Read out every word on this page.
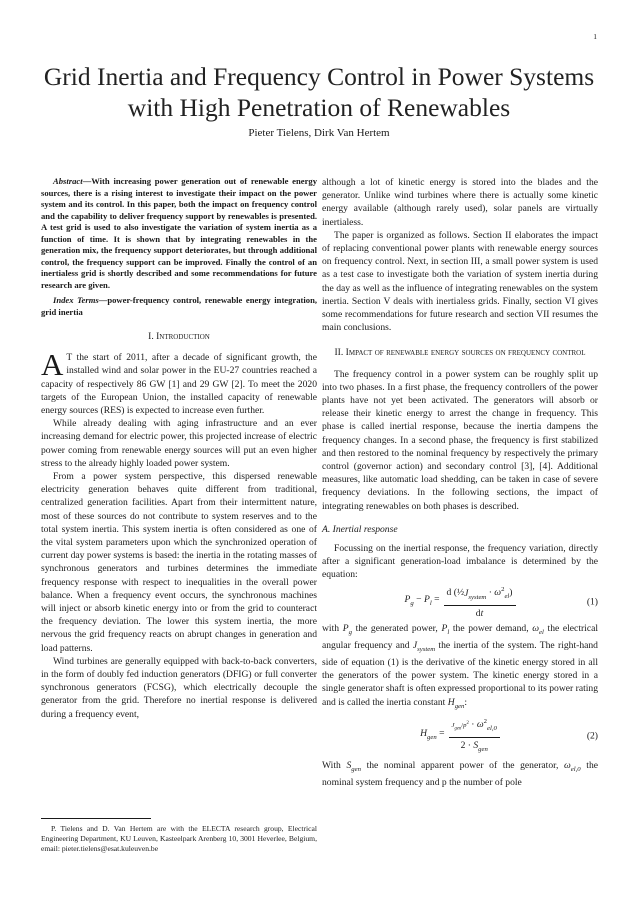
1
Grid Inertia and Frequency Control in Power Systems with High Penetration of Renewables
Pieter Tielens, Dirk Van Hertem

Abstract—With increasing power generation out of renewable energy sources, there is a rising interest to investigate their impact on the power system and its control. In this paper, both the impact on frequency control and the capability to deliver frequency support by renewables is presented. A test grid is used to also investigate the variation of system inertia as a function of time. It is shown that by integrating renewables in the generation mix, the frequency support deteriorates, but through additional control, the frequency support can be improved. Finally the control of an inertialess grid is shortly described and some recommendations for future research are given.

Index Terms—power-frequency control, renewable energy integration, grid inertia

I. Introduction

A T the start of 2011, after a decade of significant growth, the installed wind and solar power in the EU-27 countries reached a capacity of respectively 86 GW [1] and 29 GW [2]. To meet the 2020 targets of the European Union, the installed capacity of renewable energy sources (RES) is expected to increase even further.

While already dealing with aging infrastructure and an ever increasing demand for electric power, this projected increase of electric power coming from renewable energy sources will put an even higher stress to the already highly loaded power system.

From a power system perspective, this dispersed renewable electricity generation behaves quite different from traditional, centralized generation facilities. Apart from their intermittent nature, most of these sources do not contribute to system reserves and to the total system inertia. This system inertia is often considered as one of the vital system parameters upon which the synchronized operation of current day power systems is based: the inertia in the rotating masses of synchronous generators and turbines determines the immediate frequency response with respect to inequalities in the overall power balance. When a frequency event occurs, the synchronous machines will inject or absorb kinetic energy into or from the grid to counteract the frequency deviation. The lower this system inertia, the more nervous the grid frequency reacts on abrupt changes in generation and load patterns.

Wind turbines are generally equipped with back-to-back converters, in the form of doubly fed induction generators (DFIG) or full converter synchronous generators (FCSG), which electrically decouple the generator from the grid. Therefore no inertial response is delivered during a frequency event,

P. Tielens and D. Van Hertem are with the ELECTA research group, Electrical Engineering Department, KU Leuven, Kasteelpark Arenberg 10, 3001 Heverlee, Belgium, email: pieter.tielens@esat.kuleuven.be

although a lot of kinetic energy is stored into the blades and the generator. Unlike wind turbines where there is actually some kinetic energy available (although rarely used), solar panels are virtually inertialess.

The paper is organized as follows. Section II elaborates the impact of replacing conventional power plants with renewable energy sources on frequency control. Next, in section III, a small power system is used as a test case to investigate both the variation of system inertia during the day as well as the influence of integrating renewables on the system inertia. Section V deals with inertialess grids. Finally, section VI gives some recommendations for future research and section VII resumes the main conclusions.

II. Impact of renewable energy sources on frequency control

The frequency control in a power system can be roughly split up into two phases. In a first phase, the frequency controllers of the power plants have not yet been activated. The generators will absorb or release their kinetic energy to arrest the change in frequency. This phase is called inertial response, because the inertia dampens the frequency changes. In a second phase, the frequency is first stabilized and then restored to the nominal frequency by respectively the primary control (governor action) and secondary control [3], [4]. Additional measures, like automatic load shedding, can be taken in case of severe frequency deviations. In the following sections, the impact of integrating renewables on both phases is described.

A. Inertial response

Focussing on the inertial response, the frequency variation, directly after a significant generation-load imbalance is determined by the equation:

$P_g - P_l = \frac{d (\frac{1}{2}J_{system} \cdot \omega^2_{el})}{dt}$	(1)

with $P_g$ the generated power, $P_l$ the power demand, $\omega_{el}$ the electrical angular frequency and $J_{system}$ the inertia of the system. The right-hand side of equation (1) is the derivative of the kinetic energy stored in all the generators of the power system. The kinetic energy stored in a single generator shaft is often expressed proportional to its power rating and is called the inertia constant $H_{gen}$:

$H_{gen} = \frac{J_{gen}/p^2 \cdot \omega^2_{el,0}}{2 \cdot S_{gen}}$	(2)

With $S_{gen}$ the nominal apparent power of the generator, $\omega_{el,0}$ the nominal system frequency and p the number of pole
